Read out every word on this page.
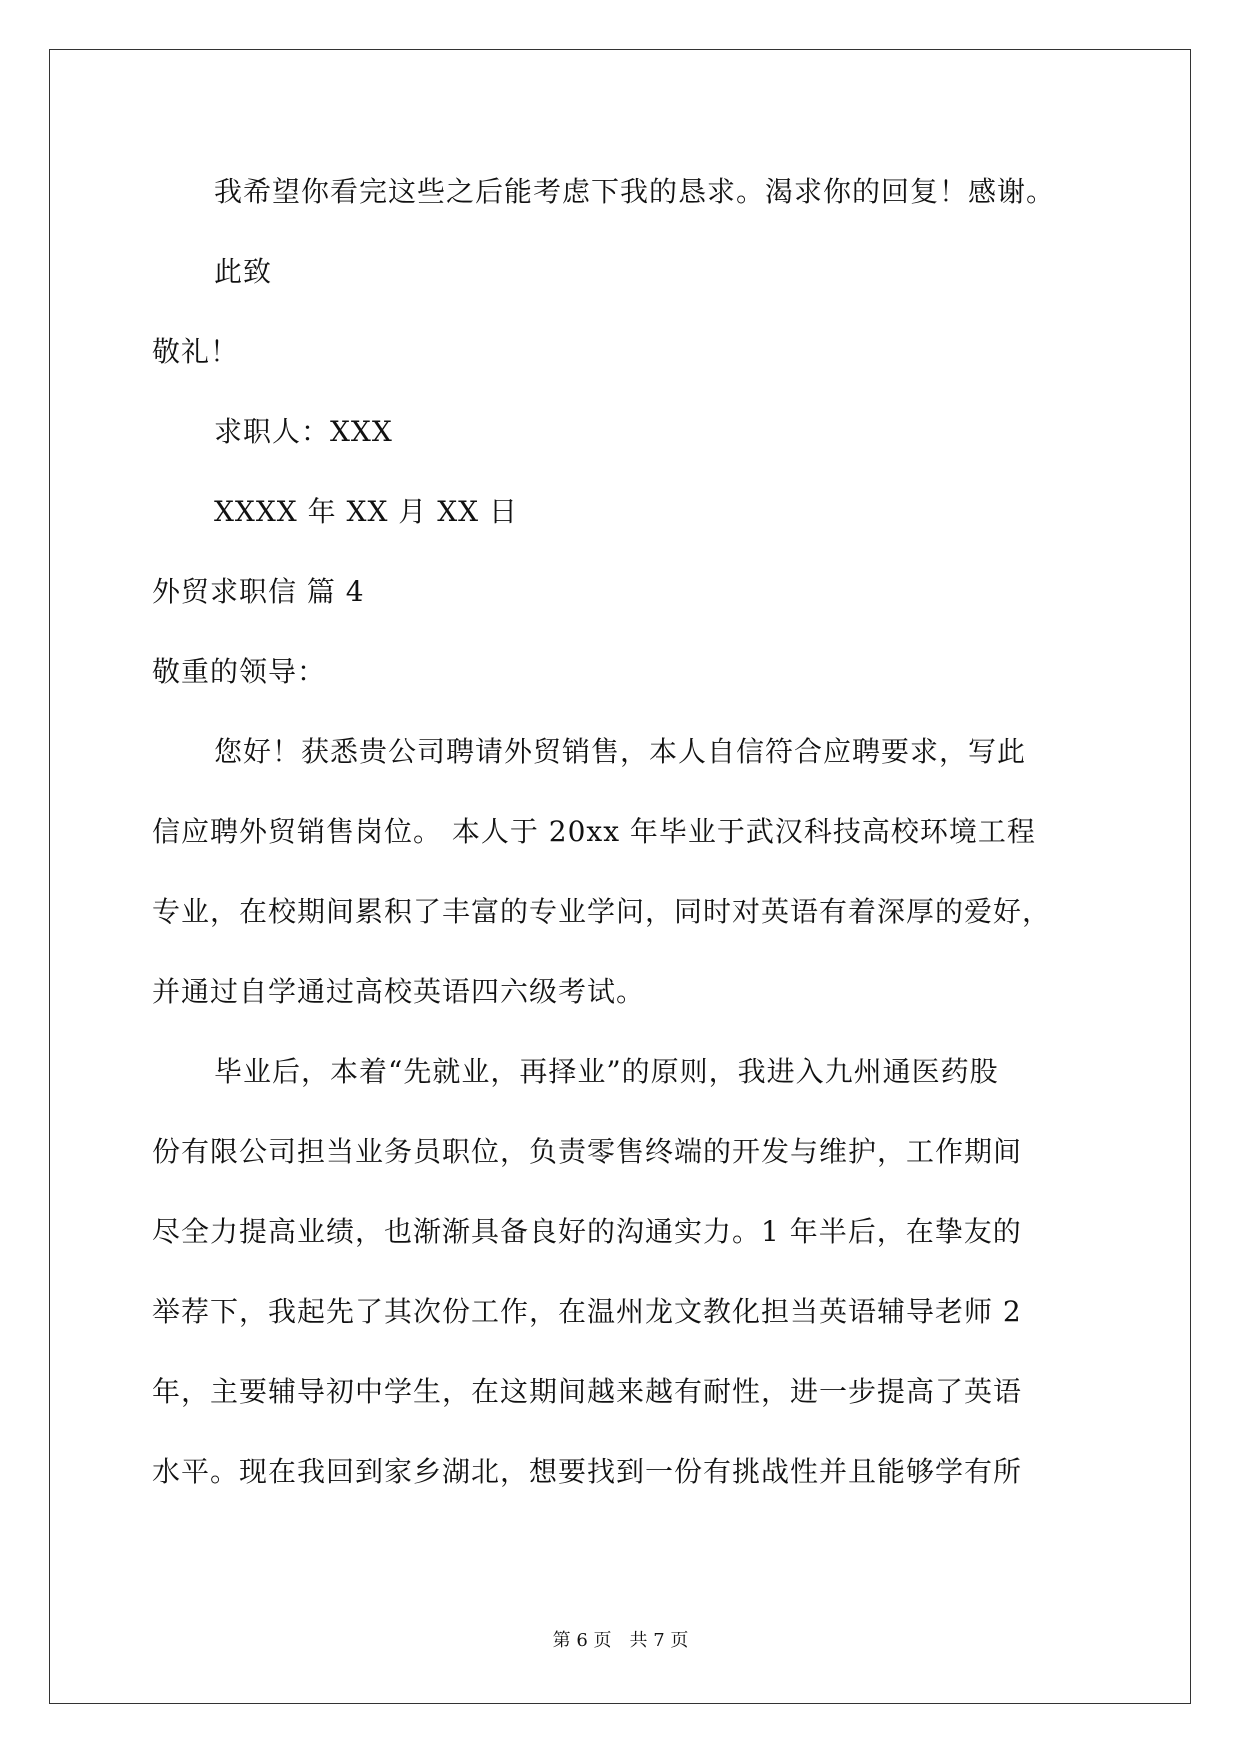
我希望你看完这些之后能考虑下我的恳求。渴求你的回复！感谢。
此致
敬礼！
求职人：XXX
XXXX 年 XX 月 XX 日
外贸求职信 篇 4
敬重的领导：
您好！获悉贵公司聘请外贸销售，本人自信符合应聘要求，写此
信应聘外贸销售岗位。 本人于 20xx 年毕业于武汉科技高校环境工程
专业，在校期间累积了丰富的专业学问，同时对英语有着深厚的爱好，
并通过自学通过高校英语四六级考试。
毕业后，本着“先就业，再择业”的原则，我进入九州通医药股
份有限公司担当业务员职位，负责零售终端的开发与维护，工作期间
尽全力提高业绩，也渐渐具备良好的沟通实力。1 年半后，在挚友的
举荐下，我起先了其次份工作，在温州龙文教化担当英语辅导老师 2
年，主要辅导初中学生，在这期间越来越有耐性，进一步提高了英语
水平。现在我回到家乡湖北，想要找到一份有挑战性并且能够学有所
第 6 页 共 7 页
